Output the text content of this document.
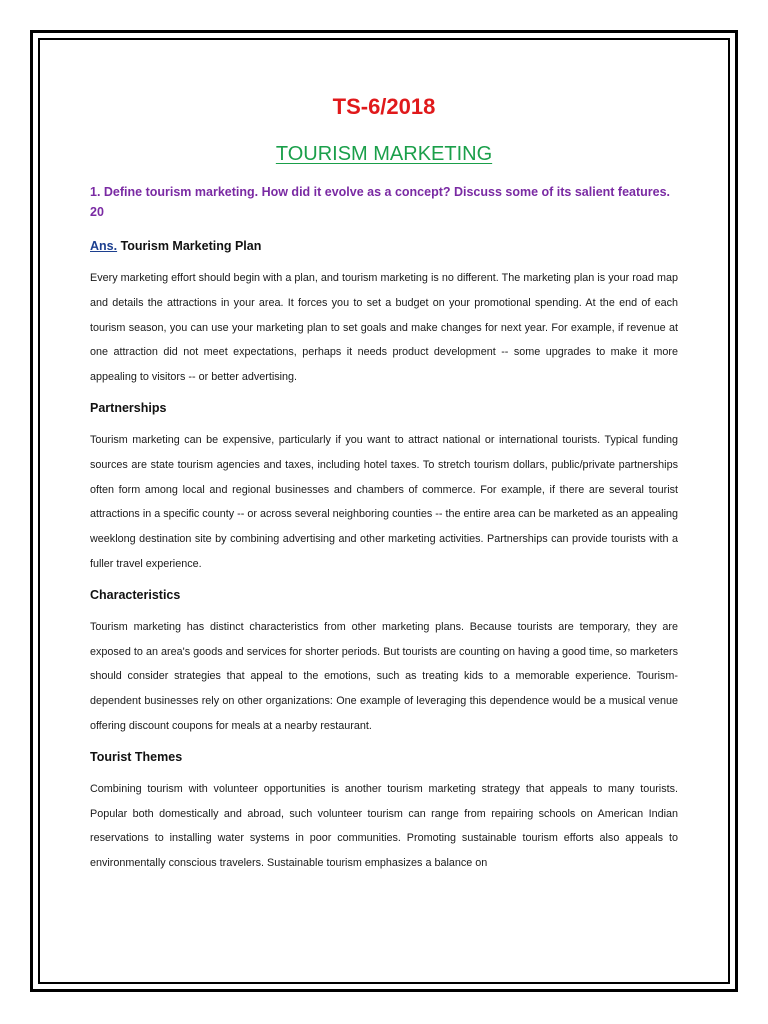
TS-6/2018
TOURISM MARKETING

1. Define tourism marketing. How did it evolve as a concept? Discuss some of its salient features. 20

Ans. Tourism Marketing Plan

Every marketing effort should begin with a plan, and tourism marketing is no different. The marketing plan is your road map and details the attractions in your area. It forces you to set a budget on your promotional spending. At the end of each tourism season, you can use your marketing plan to set goals and make changes for next year. For example, if revenue at one attraction did not meet expectations, perhaps it needs product development -- some upgrades to make it more appealing to visitors -- or better advertising.

Partnerships

Tourism marketing can be expensive, particularly if you want to attract national or international tourists. Typical funding sources are state tourism agencies and taxes, including hotel taxes. To stretch tourism dollars, public/private partnerships often form among local and regional businesses and chambers of commerce. For example, if there are several tourist attractions in a specific county -- or across several neighboring counties -- the entire area can be marketed as an appealing weeklong destination site by combining advertising and other marketing activities. Partnerships can provide tourists with a fuller travel experience.

Characteristics

Tourism marketing has distinct characteristics from other marketing plans. Because tourists are temporary, they are exposed to an area's goods and services for shorter periods. But tourists are counting on having a good time, so marketers should consider strategies that appeal to the emotions, such as treating kids to a memorable experience. Tourism-dependent businesses rely on other organizations: One example of leveraging this dependence would be a musical venue offering discount coupons for meals at a nearby restaurant.

Tourist Themes

Combining tourism with volunteer opportunities is another tourism marketing strategy that appeals to many tourists. Popular both domestically and abroad, such volunteer tourism can range from repairing schools on American Indian reservations to installing water systems in poor communities. Promoting sustainable tourism efforts also appeals to environmentally conscious travelers. Sustainable tourism emphasizes a balance on
